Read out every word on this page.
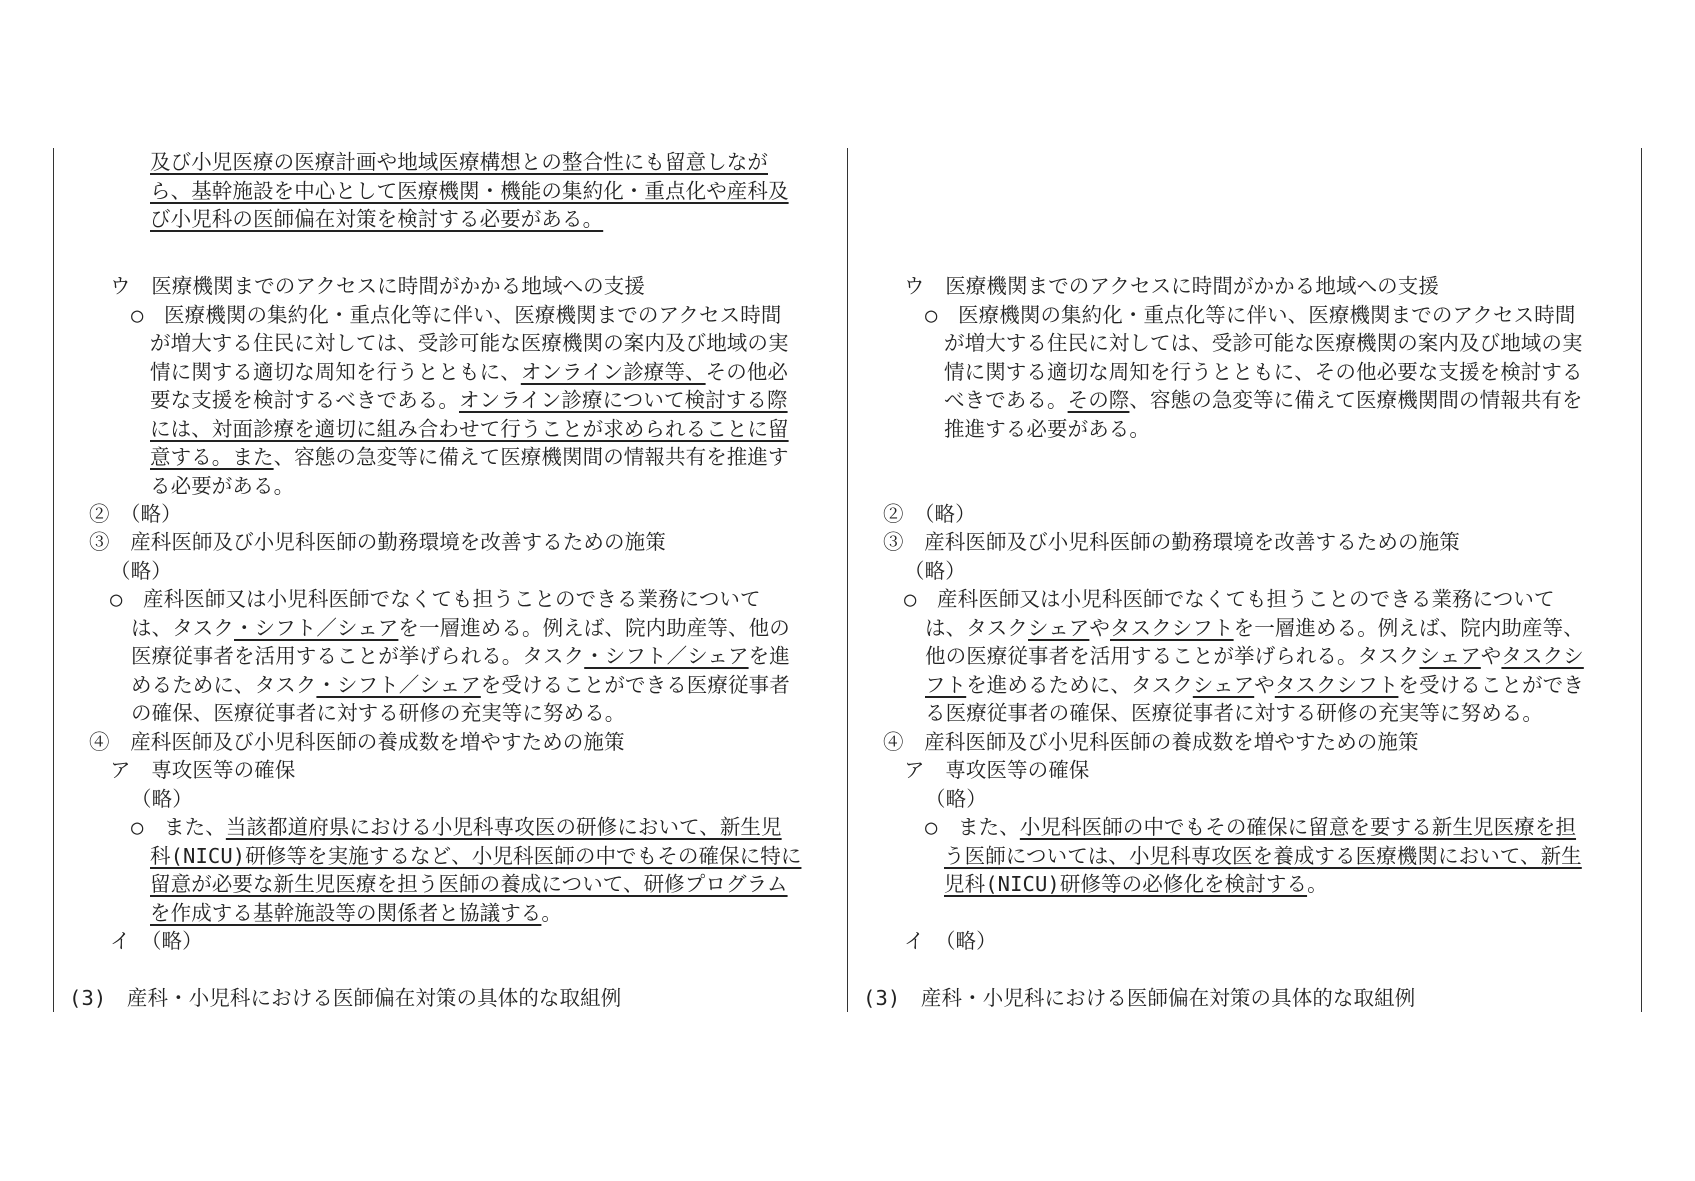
及び小児医療の医療計画や地域医療構想との整合性にも留意しなが
ら、基幹施設を中心として医療機関・機能の集約化・重点化や産科及
び小児科の医師偏在対策を検討する必要がある。
ウ　医療機関までのアクセスに時間がかかる地域への支援
○　医療機関の集約化・重点化等に伴い、医療機関までのアクセス時間
が増大する住民に対しては、受診可能な医療機関の案内及び地域の実
情に関する適切な周知を行うとともに、オンライン診療等、その他必
要な支援を検討するべきである。オンライン診療について検討する際
には、対面診療を適切に組み合わせて行うことが求められることに留
意する。また、容態の急変等に備えて医療機関間の情報共有を推進す
る必要がある。
②　（略）
③　産科医師及び小児科医師の勤務環境を改善するための施策
（略）
○　産科医師又は小児科医師でなくても担うことのできる業務について
は、タスク・シフト／シェアを一層進める。例えば、院内助産等、他の
医療従事者を活用することが挙げられる。タスク・シフト／シェアを進
めるために、タスク・シフト／シェアを受けることができる医療従事者
の確保、医療従事者に対する研修の充実等に努める。
④　産科医師及び小児科医師の養成数を増やすための施策
ア　専攻医等の確保
（略）
○　また、当該都道府県における小児科専攻医の研修において、新生児
科(NICU)研修等を実施するなど、小児科医師の中でもその確保に特に
留意が必要な新生児医療を担う医師の養成について、研修プログラム
を作成する基幹施設等の関係者と協議する。
イ　（略）
(3)　産科・小児科における医師偏在対策の具体的な取組例
ウ　医療機関までのアクセスに時間がかかる地域への支援
○　医療機関の集約化・重点化等に伴い、医療機関までのアクセス時間
が増大する住民に対しては、受診可能な医療機関の案内及び地域の実
情に関する適切な周知を行うとともに、その他必要な支援を検討する
べきである。その際、容態の急変等に備えて医療機関間の情報共有を
推進する必要がある。
②　（略）
③　産科医師及び小児科医師の勤務環境を改善するための施策
（略）
○　産科医師又は小児科医師でなくても担うことのできる業務について
は、タスクシェアやタスクシフトを一層進める。例えば、院内助産等、
他の医療従事者を活用することが挙げられる。タスクシェアやタスクシ
フトを進めるために、タスクシェアやタスクシフトを受けることができ
る医療従事者の確保、医療従事者に対する研修の充実等に努める。
④　産科医師及び小児科医師の養成数を増やすための施策
ア　専攻医等の確保
（略）
○　また、小児科医師の中でもその確保に留意を要する新生児医療を担
う医師については、小児科専攻医を養成する医療機関において、新生
児科(NICU)研修等の必修化を検討する。
イ　（略）
(3)　産科・小児科における医師偏在対策の具体的な取組例
